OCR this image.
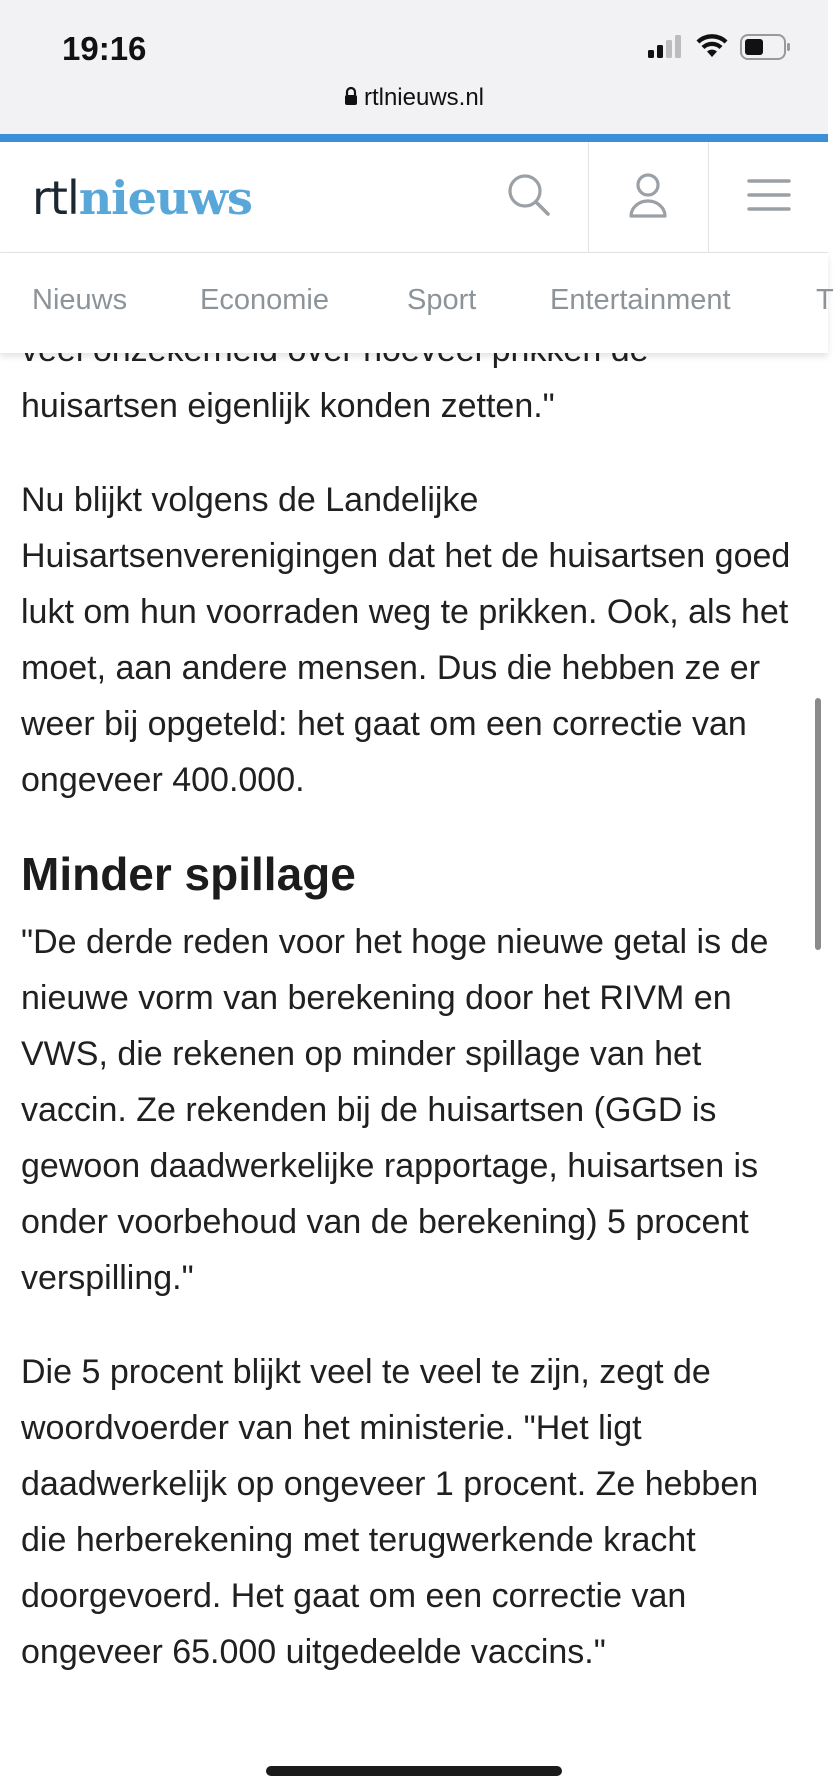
19:16
rtlnieuws.nl
rtl nieuws
Nieuws	Economie	Sport	Entertainment	T

huisartsen eigenlijk konden zetten."

Nu blijkt volgens de Landelijke Huisartsenverenigingen dat het de huisartsen goed lukt om hun voorraden weg te prikken. Ook, als het moet, aan andere mensen. Dus die hebben ze er weer bij opgeteld: het gaat om een correctie van ongeveer 400.000.

Minder spillage

"De derde reden voor het hoge nieuwe getal is de nieuwe vorm van berekening door het RIVM en VWS, die rekenen op minder spillage van het vaccin. Ze rekenden bij de huisartsen (GGD is gewoon daadwerkelijke rapportage, huisartsen is onder voorbehoud van de berekening) 5 procent verspilling."

Die 5 procent blijkt veel te veel te zijn, zegt de woordvoerder van het ministerie. "Het ligt daadwerkelijk op ongeveer 1 procent. Ze hebben die herberekening met terugwerkende kracht doorgevoerd. Het gaat om een correctie van ongeveer 65.000 uitgedeelde vaccins."
